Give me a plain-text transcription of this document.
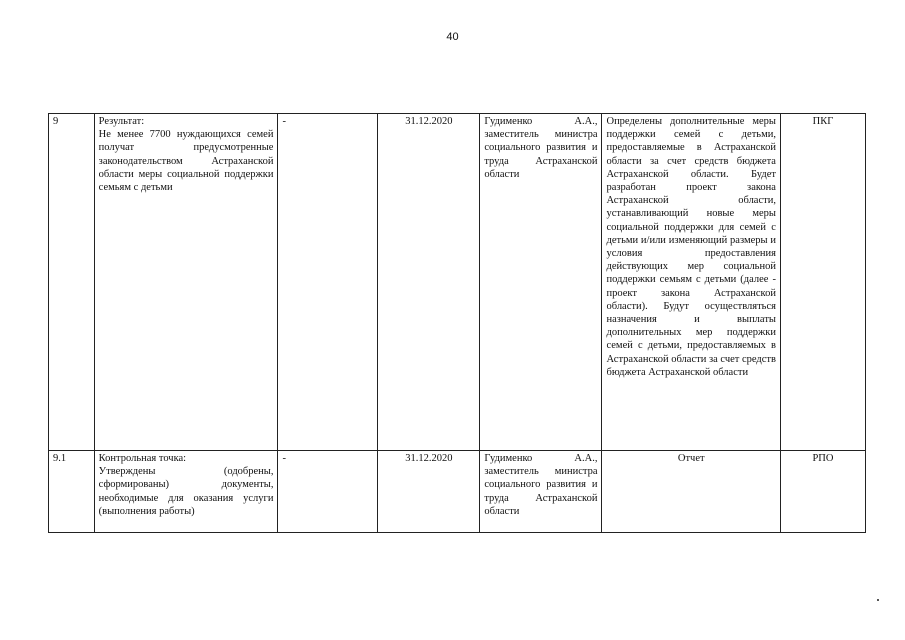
40
9	Результат:
Не менее 7700 нуждающихся семей получат предусмотренные законодательством Астраханской области меры социальной поддержки семьям с детьми	-	31.12.2020	Гудименко А.А., заместитель министра социального развития и труда Астраханской области	Определены дополнительные меры поддержки семей с детьми, предоставляемые в Астраханской области за счет средств бюджета Астраханской области. Будет разработан проект закона Астраханской области, устанавливающий новые меры социальной поддержки для семей с детьми и/или изменяющий размеры и условия предоставления действующих мер социальной поддержки семьям с детьми (далее - проект закона Астраханской области). Будут осуществляться назначения и выплаты дополнительных мер поддержки семей с детьми, предоставляемых в Астраханской области за счет средств бюджета Астраханской области	ПКГ
9.1	Контрольная точка:
Утверждены (одобрены, сформированы) документы, необходимые для оказания услуги (выполнения работы)	-	31.12.2020	Гудименко А.А., заместитель министра социального развития и труда Астраханской области	Отчет	РПО
